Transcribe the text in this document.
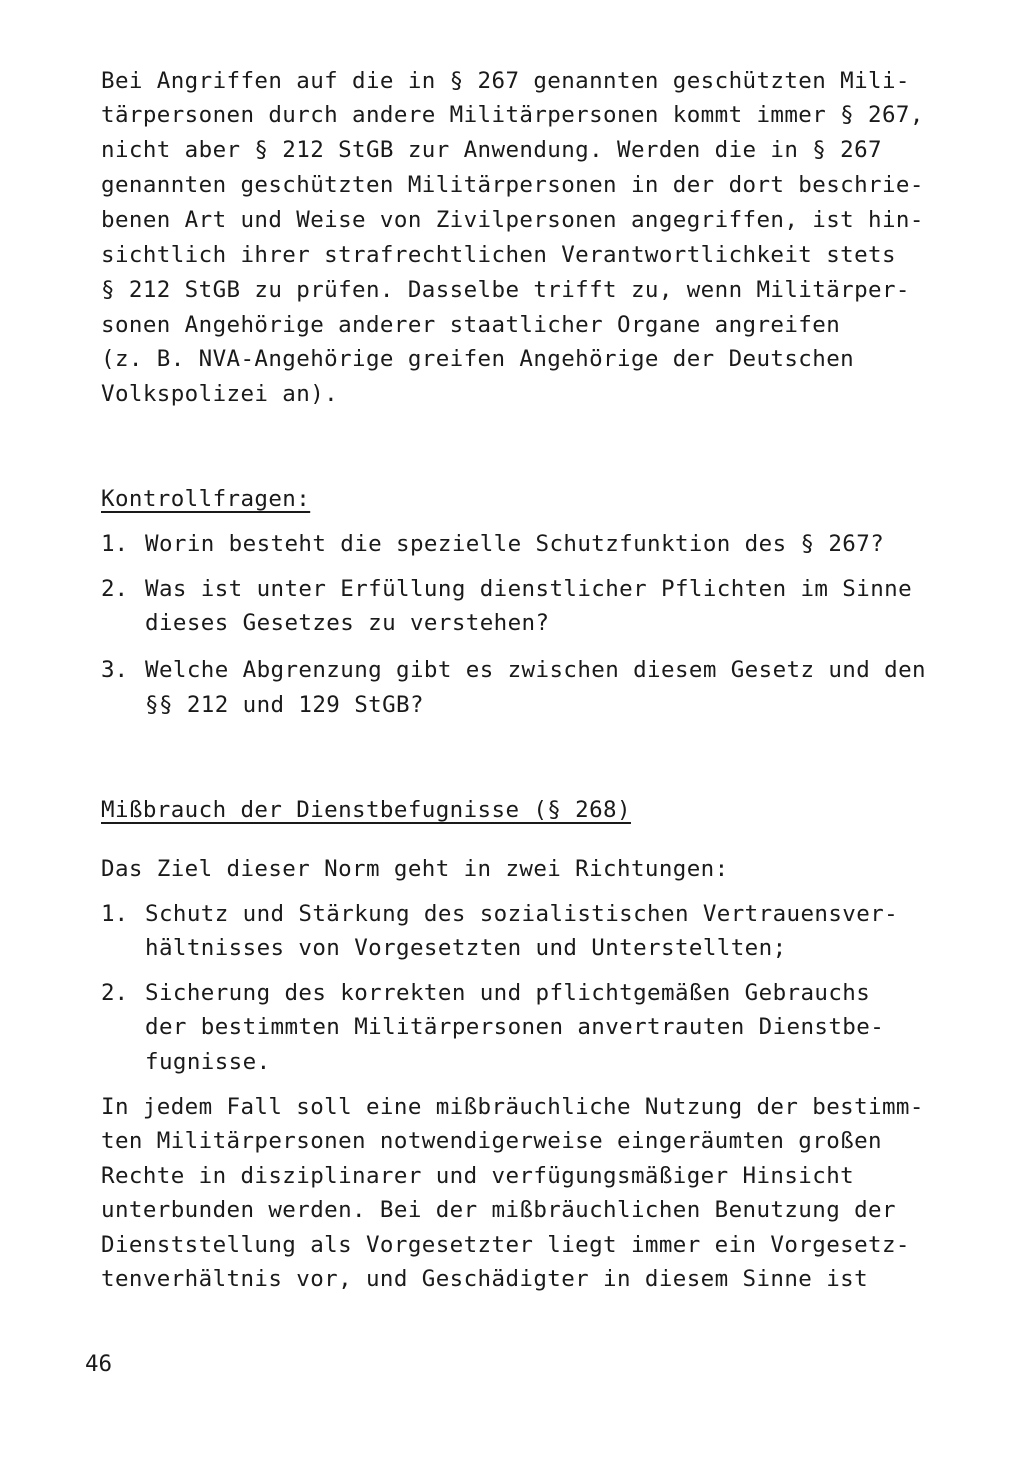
Bei Angriffen auf die in § 267 genannten geschützten Mili-
tärpersonen durch andere Militärpersonen kommt immer § 267,
nicht aber § 212 StGB zur Anwendung. Werden die in § 267
genannten geschützten Militärpersonen in der dort beschrie-
benen Art und Weise von Zivilpersonen angegriffen, ist hin-
sichtlich ihrer strafrechtlichen Verantwortlichkeit stets
§ 212 StGB zu prüfen. Dasselbe trifft zu, wenn Militärper-
sonen Angehörige anderer staatlicher Organe angreifen
(z. B. NVA-Angehörige greifen Angehörige der Deutschen
Volkspolizei an).
Kontrollfragen:
1. Worin besteht die spezielle Schutzfunktion des § 267?
2. Was ist unter Erfüllung dienstlicher Pflichten im Sinne
dieses Gesetzes zu verstehen?
3. Welche Abgrenzung gibt es zwischen diesem Gesetz und den
§§ 212 und 129 StGB?
Mißbrauch der Dienstbefugnisse (§ 268)
Das Ziel dieser Norm geht in zwei Richtungen:
1. Schutz und Stärkung des sozialistischen Vertrauensver-
hältnisses von Vorgesetzten und Unterstellten;
2. Sicherung des korrekten und pflichtgemäßen Gebrauchs
der bestimmten Militärpersonen anvertrauten Dienstbe-
fugnisse.
In jedem Fall soll eine mißbräuchliche Nutzung der bestimm-
ten Militärpersonen notwendigerweise eingeräumten großen
Rechte in disziplinarer und verfügungsmäßiger Hinsicht
unterbunden werden. Bei der mißbräuchlichen Benutzung der
Dienststellung als Vorgesetzter liegt immer ein Vorgesetz-
tenverhältnis vor, und Geschädigter in diesem Sinne ist
46
